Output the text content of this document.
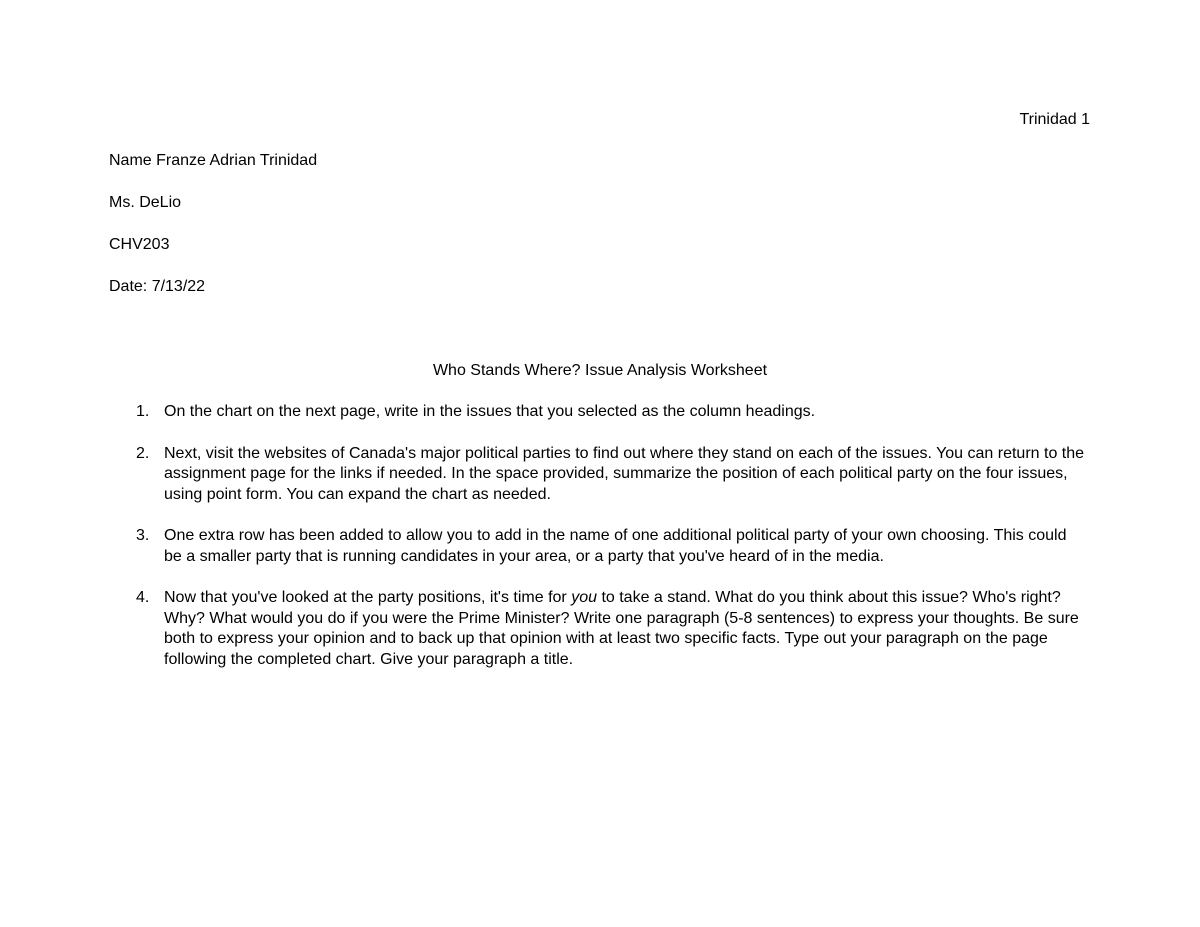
Trinidad 1

Name Franze Adrian Trinidad

Ms. DeLio

CHV203

Date: 7/13/22

Who Stands Where? Issue Analysis Worksheet
1. On the chart on the next page, write in the issues that you selected as the column headings.
2. Next, visit the websites of Canada's major political parties to find out where they stand on each of the issues. You can return to the assignment page for the links if needed. In the space provided, summarize the position of each political party on the four issues, using point form. You can expand the chart as needed.
3. One extra row has been added to allow you to add in the name of one additional political party of your own choosing. This could be a smaller party that is running candidates in your area, or a party that you've heard of in the media.
4. Now that you've looked at the party positions, it's time for you to take a stand. What do you think about this issue? Who's right? Why? What would you do if you were the Prime Minister? Write one paragraph (5-8 sentences) to express your thoughts. Be sure both to express your opinion and to back up that opinion with at least two specific facts. Type out your paragraph on the page following the completed chart. Give your paragraph a title.
